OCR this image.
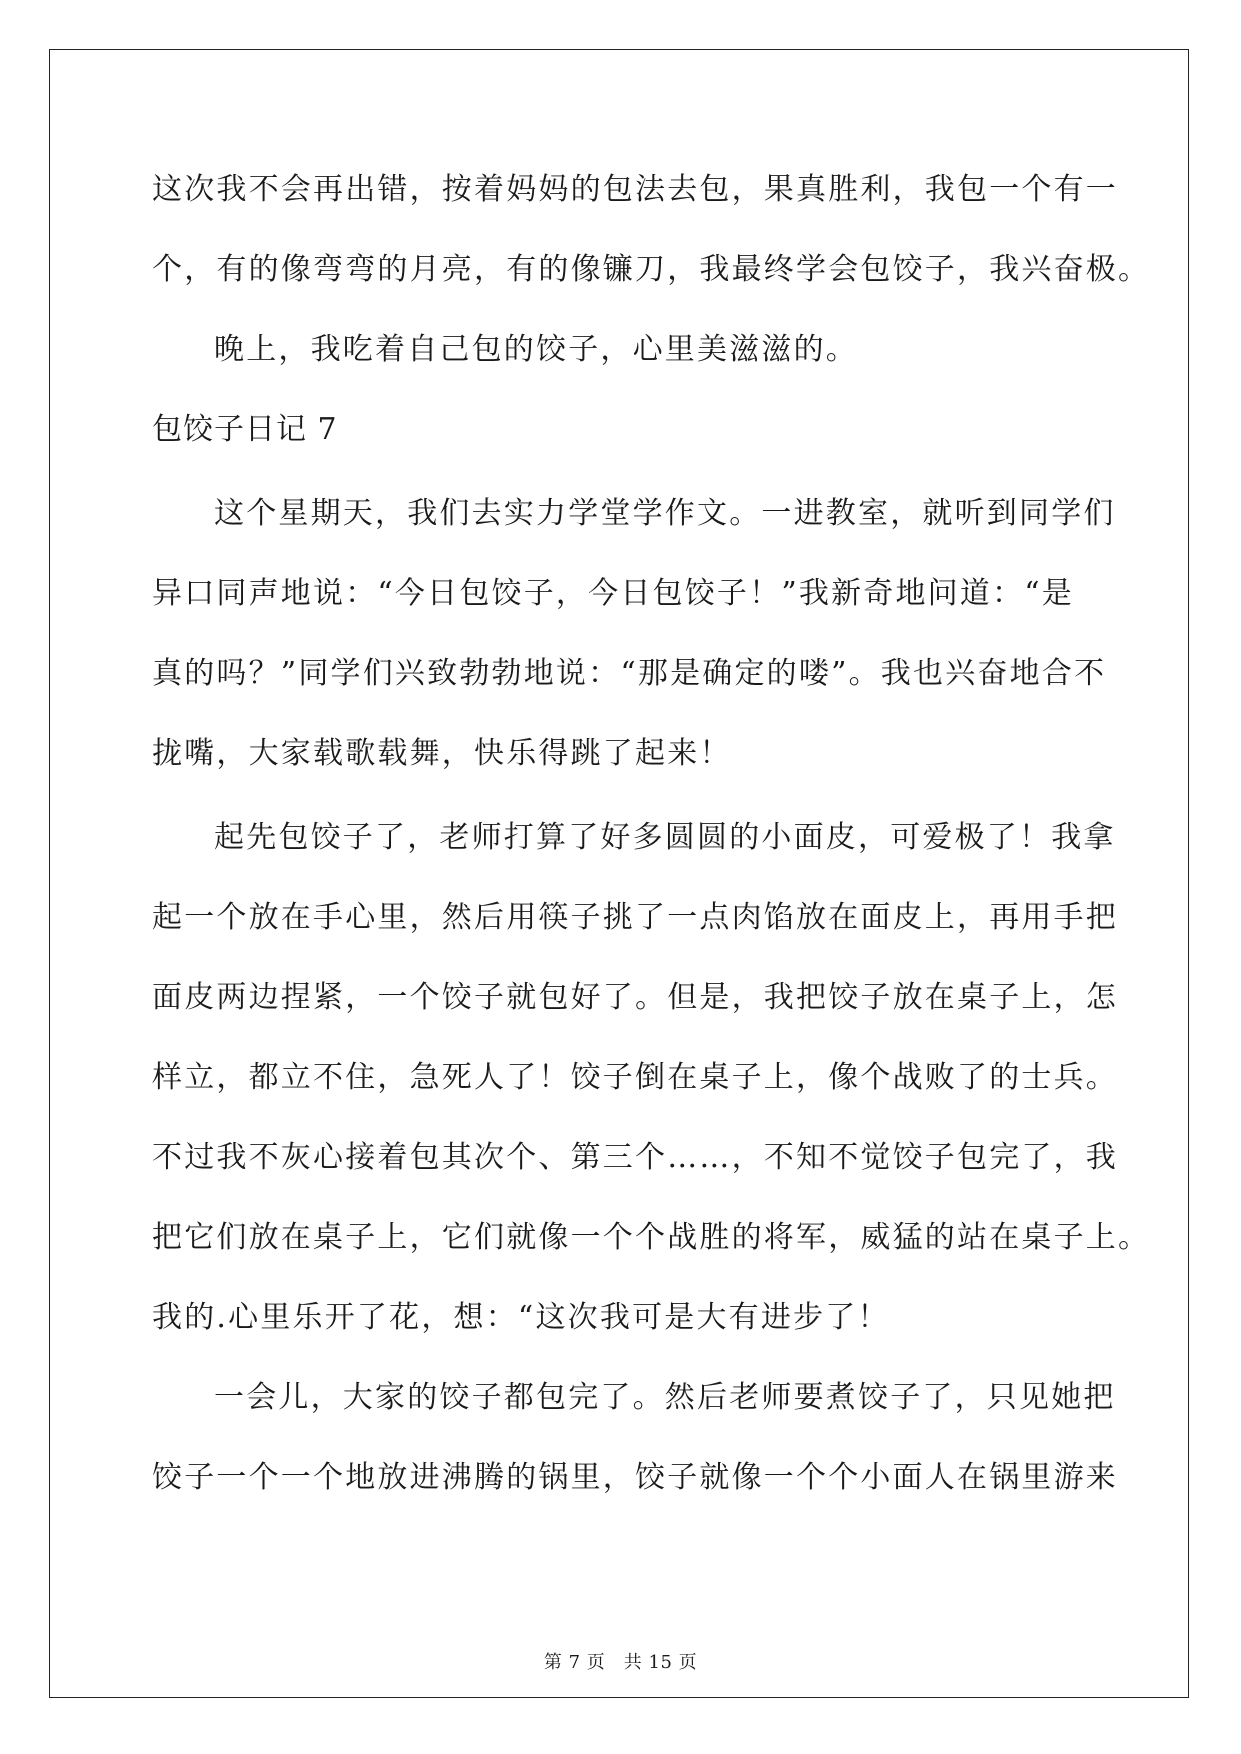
这次我不会再出错，按着妈妈的包法去包，果真胜利，我包一个有一

个，有的像弯弯的月亮，有的像镰刀，我最终学会包饺子，我兴奋极。

晚上，我吃着自己包的饺子，心里美滋滋的。

包饺子日记 7

这个星期天，我们去实力学堂学作文。一进教室，就听到同学们

异口同声地说：“今日包饺子，今日包饺子！”我新奇地问道：“是

真的吗？”同学们兴致勃勃地说：“那是确定的喽”。我也兴奋地合不

拢嘴，大家载歌载舞，快乐得跳了起来！

起先包饺子了，老师打算了好多圆圆的小面皮，可爱极了！我拿

起一个放在手心里，然后用筷子挑了一点肉馅放在面皮上，再用手把

面皮两边捏紧，一个饺子就包好了。但是，我把饺子放在桌子上，怎

样立，都立不住，急死人了！饺子倒在桌子上，像个战败了的士兵。

不过我不灰心接着包其次个、第三个……，不知不觉饺子包完了，我

把它们放在桌子上，它们就像一个个战胜的将军，威猛的站在桌子上。

我的.心里乐开了花，想：“这次我可是大有进步了！

一会儿，大家的饺子都包完了。然后老师要煮饺子了，只见她把

饺子一个一个地放进沸腾的锅里，饺子就像一个个小面人在锅里游来

第 7 页　共 15 页
